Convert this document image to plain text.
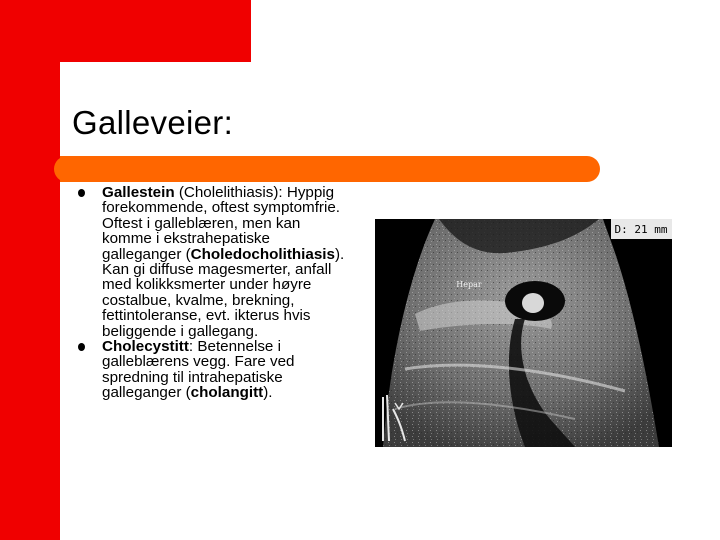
Galleveier:
Gallestein (Cholelithiasis): Hyppig forekommende, oftest symptomfrie. Oftest i galleblæren, men kan komme i ekstrahepatiske galleganger (Choledocholithiasis). Kan gi diffuse magesmerter, anfall med kolikksmerter under høyre costalbue, kvalme, brekning, fettintoleranse, evt. ikterus hvis beliggende i gallegang.
Cholecystitt: Betennelse i galleblærens vegg. Fare ved spredning til intrahepatiske galleganger (cholangitt).
D: 21 mm
Hepar
